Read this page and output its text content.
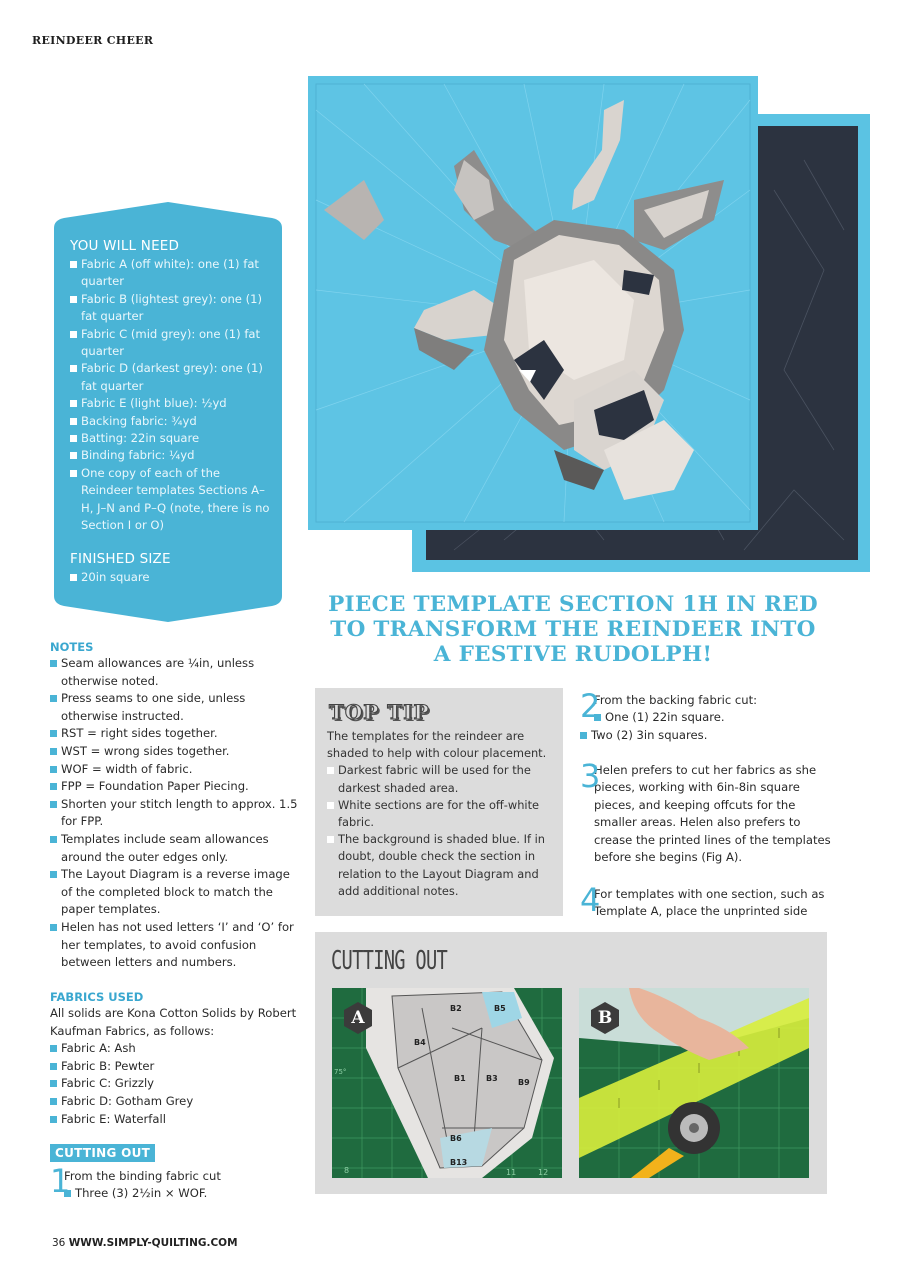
REINDEER CHEER
YOU WILL NEED
Fabric A (off white): one (1) fat quarter
Fabric B (lightest grey): one (1) fat quarter
Fabric C (mid grey): one (1) fat quarter
Fabric D (darkest grey): one (1) fat quarter
Fabric E (light blue): ½yd
Backing fabric: ¾yd
Batting: 22in square
Binding fabric: ¼yd
One copy of each of the Reindeer templates Sections A–H, J–N and P–Q (note, there is no Section I or O)
FINISHED SIZE
20in square
PIECE TEMPLATE SECTION 1H IN RED TO TRANSFORM THE REINDEER INTO A FESTIVE RUDOLPH!
NOTES
Seam allowances are ¼in, unless otherwise noted.
Press seams to one side, unless otherwise instructed.
RST = right sides together.
WST = wrong sides together.
WOF = width of fabric.
FPP = Foundation Paper Piecing.
Shorten your stitch length to approx. 1.5 for FPP.
Templates include seam allowances around the outer edges only.
The Layout Diagram is a reverse image of the completed block to match the paper templates.
Helen has not used letters ‘I’ and ‘O’ for her templates, to avoid confusion between letters and numbers.
FABRICS USED
All solids are Kona Cotton Solids by Robert Kaufman Fabrics, as follows:
Fabric A: Ash
Fabric B: Pewter
Fabric C: Grizzly
Fabric D: Gotham Grey
Fabric E: Waterfall
CUTTING OUT
1
From the binding fabric cut
Three (3) 2½in × WOF.
TOP TIP
The templates for the reindeer are shaded to help with colour placement.
Darkest fabric will be used for the darkest shaded area.
White sections are for the off-white fabric.
The background is shaded blue. If in doubt, double check the section in relation to the Layout Diagram and add additional notes.
2
From the backing fabric cut:
One (1) 22in square.
Two (2) 3in squares.
3
Helen prefers to cut her fabrics as she pieces, working with 6in-8in square pieces, and keeping offcuts for the smaller areas. Helen also prefers to crease the printed lines of the templates before she begins (Fig A).
4
For templates with one section, such as Template A, place the unprinted side
CUTTING OUT
B2	B5
B4
B1	B3	B9
B6
B13
8	11	12
75°
A	B
36 WWW.SIMPLY-QUILTING.COM
